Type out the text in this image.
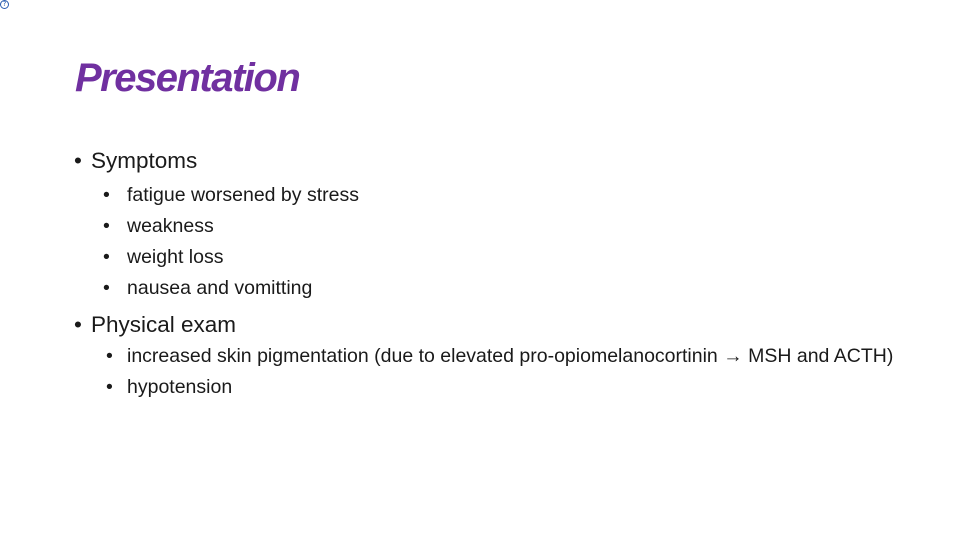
?
Presentation

• Symptoms

• fatigue worsened by stress
• weakness
• weight loss
• nausea and vomitting

• Physical exam

• increased skin pigmentation (due to elevated pro-opiomelanocortinin → MSH and ACTH)
• hypotension
